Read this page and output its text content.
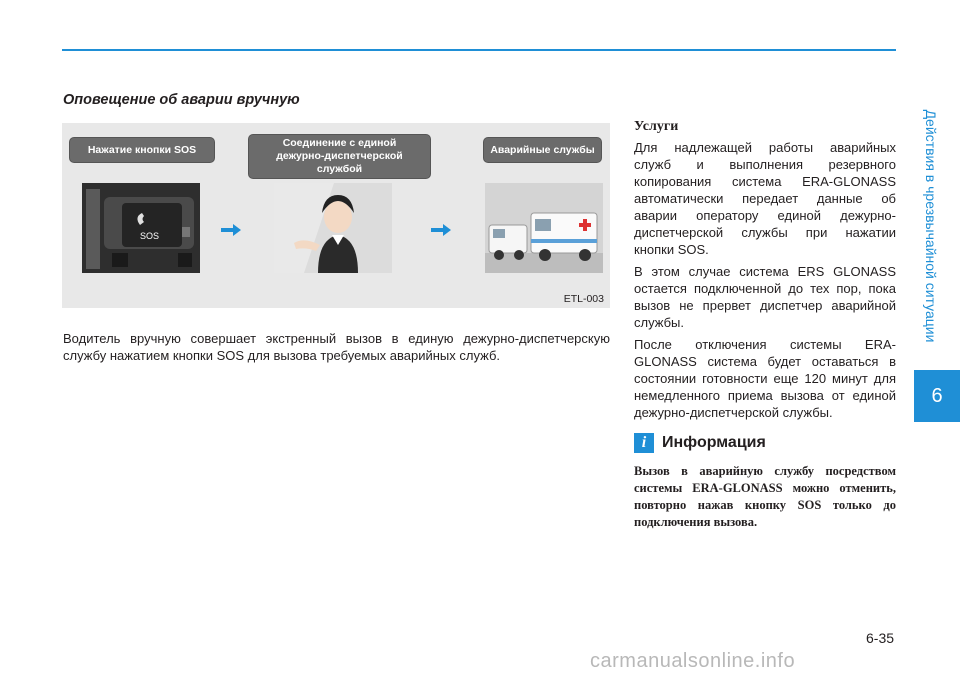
Действия в чрезвычайной ситуации
6
Оповещение об аварии вручную
Нажатие кнопки SOS
Соединение с единой дежурно-диспетчерской службой
Аварийные службы
SOS
ETL-003

Водитель вручную совершает экстренный вызов в единую дежурно-диспетчерскую службу нажатием кнопки SOS для вызова требуемых аварийных служб.

Услуги

Для надлежащей работы аварийных служб и выполнения резервного копирования система ERA-GLONASS автоматически передает данные об аварии оператору единой дежурно-диспетчерской службы при нажатии кнопки SOS.

В этом случае система ERS GLONASS остается подключенной до тех пор, пока вызов не прервет диспетчер аварийной службы.

После отключения системы ERA-GLONASS система будет оставаться в состоянии готовности еще 120 минут для немедленного приема вызова от единой дежурно-диспетчерской службы.

i Информация
Вызов в аварийную службу посредством системы ERA-GLONASS можно отменить, повторно нажав кнопку SOS только до подключения вызова.
6-35
carmanualsonline.info
